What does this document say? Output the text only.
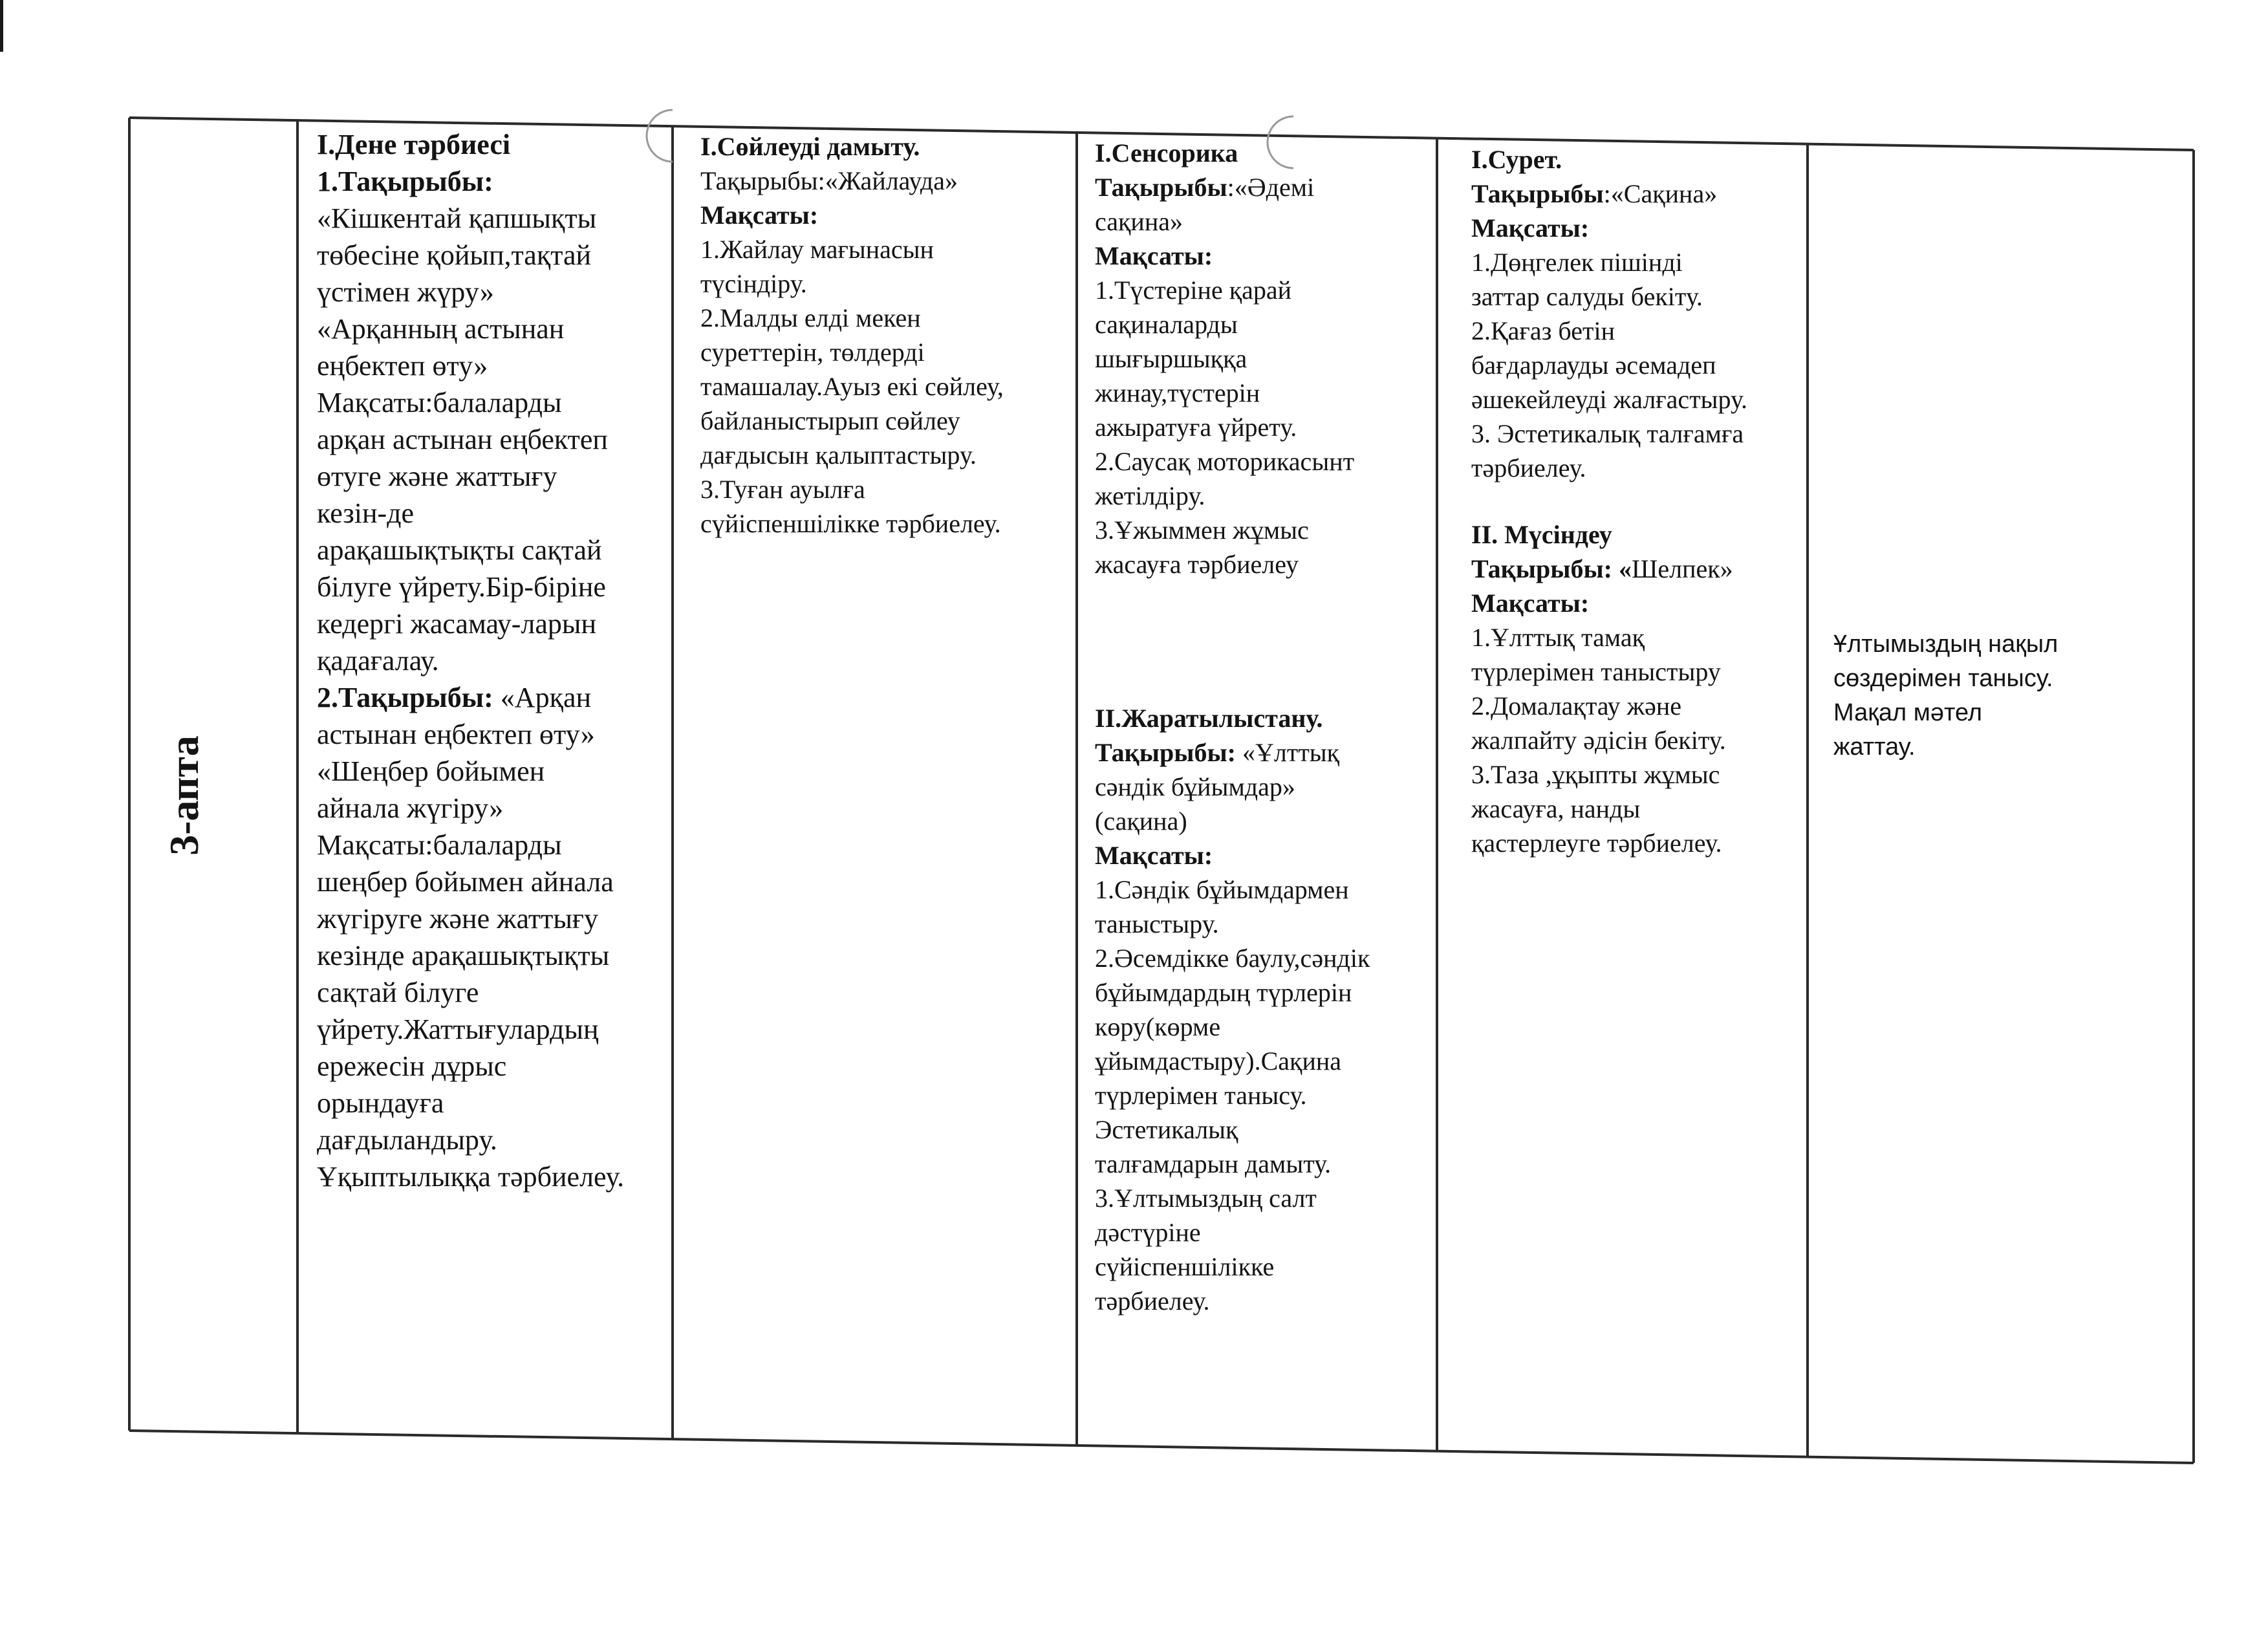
3-апта
I.Дене тәрбиесі
1.Тақырыбы:
«Кішкентай қапшықты
төбесіне қойып,тақтай
үстімен жүру»
«Арқанның астынан
еңбектеп өту»
Мақсаты:балаларды
арқан астынан еңбектеп
өтуге және жаттығу
кезін-де
арақашықтықты сақтай
білуге үйрету.Бір-біріне
кедергі жасамау-ларын
қадағалау.
2.Тақырыбы: «Арқан
астынан еңбектеп өту»
«Шеңбер бойымен
айнала жүгіру»
Мақсаты:балаларды
шеңбер бойымен айнала
жүгіруге және жаттығу
кезінде арақашықтықты
сақтай білуге
үйрету.Жаттығулардың
ережесін дұрыс
орындауға
дағдыландыру.
Ұқыптылыққа тәрбиелеу.
I.Сөйлеуді дамыту.
Тақырыбы:«Жайлауда»
Мақсаты:
1.Жайлау мағынасын
түсіндіру.
2.Малды елді мекен
суреттерін, төлдерді
тамашалау.Ауыз екі сөйлеу,
байланыстырып сөйлеу
дағдысын қалыптастыру.
3.Туған ауылға
сүйіспеншілікке тәрбиелеу.
I.Сенсорика
Тақырыбы:«Әдемі
сақина»
Мақсаты:
1.Түстеріне қарай
сақиналарды
шығыршыққа
жинау,түстерін
ажыратуға үйрету.
2.Саусақ моторикасынт
жетілдіру.
3.Ұжыммен жұмыс
жасауға тәрбиелеу
II.Жаратылыстану.
Тақырыбы: «Ұлттық
сәндік бұйымдар»
(сақина)
Мақсаты:
1.Сәндік бұйымдармен
таныстыру.
2.Әсемдікке баулу,сәндік
бұйымдардың түрлерін
көру(көрме
ұйымдастыру).Сақина
түрлерімен танысу.
Эстетикалық
талғамдарын дамыту.
3.Ұлтымыздың салт
дәстүріне
сүйіспеншілікке
тәрбиелеу.
I.Сурет.
Тақырыбы:«Сақина»
Мақсаты:
1.Дөңгелек пішінді
заттар салуды бекіту.
2.Қағаз бетін
бағдарлауды әсемадеп
әшекейлеуді жалғастыру.
3. Эстетикалық талғамға
тәрбиелеу.
II. Мүсіндеу
Тақырыбы: «Шелпек»
Мақсаты:
1.Ұлттық тамақ
түрлерімен таныстыру
2.Домалақтау және
жалпайту әдісін бекіту.
3.Таза ,ұқыпты жұмыс
жасауға, нанды
қастерлеуге тәрбиелеу.
Ұлтымыздың нақыл
сөздерімен танысу.
Мақал мәтел
жаттау.
